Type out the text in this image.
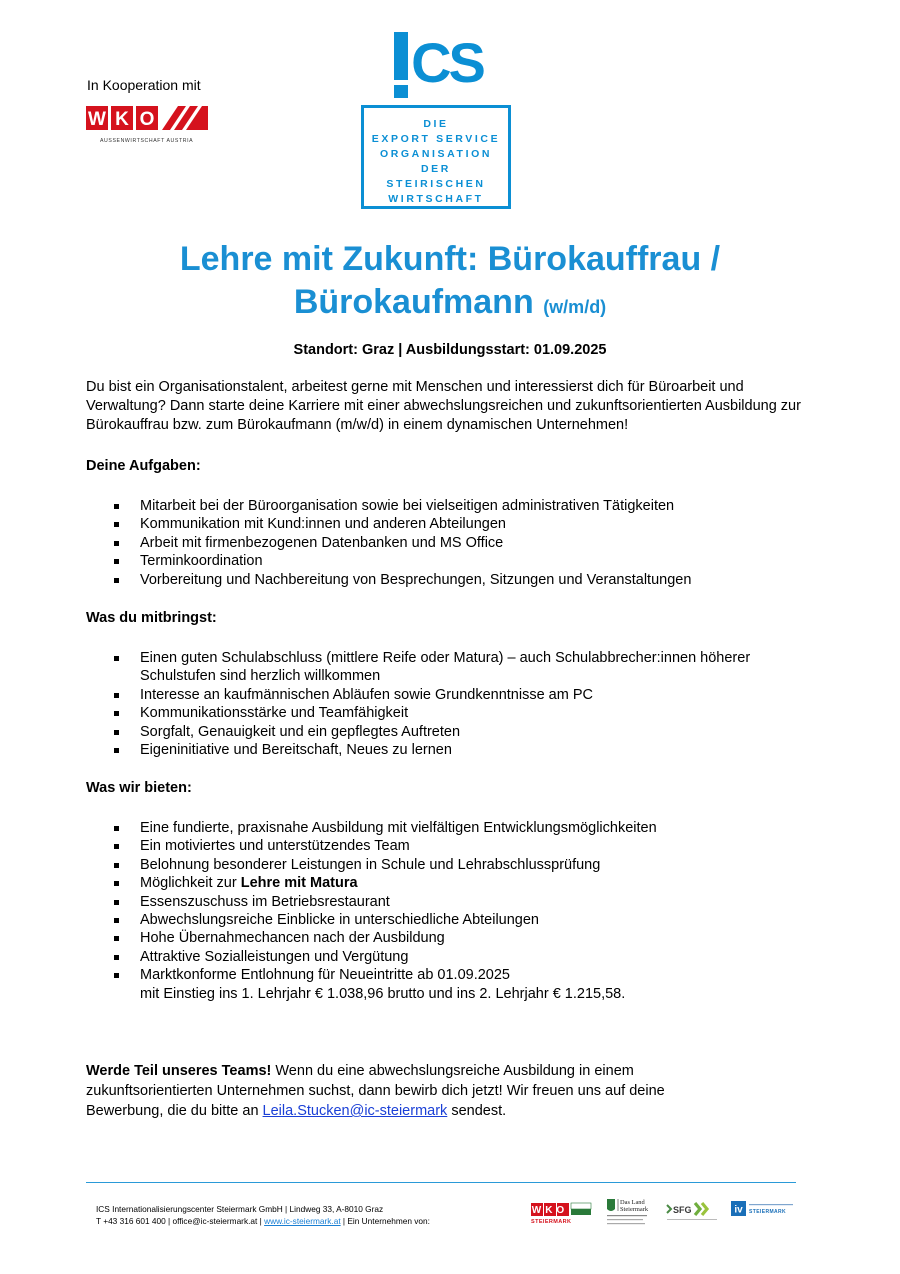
In Kooperation mit
W K O
AUSSENWIRTSCHAFT AUSTRIA
CS
DIE
EXPORT SERVICE
ORGANISATION
DER
STEIRISCHEN
WIRTSCHAFT
Lehre mit Zukunft: Bürokauffrau /
Bürokaufmann (w/m/d)
Standort: Graz | Ausbildungsstart: 01.09.2025
Du bist ein Organisationstalent, arbeitest gerne mit Menschen und interessierst dich für Büroarbeit und Verwaltung? Dann starte deine Karriere mit einer abwechslungsreichen und zukunftsorientierten Ausbildung zur Bürokauffrau bzw. zum Bürokaufmann (m/w/d) in einem dynamischen Unternehmen!
Deine Aufgaben:
Mitarbeit bei der Büroorganisation sowie bei vielseitigen administrativen Tätigkeiten
Kommunikation mit Kund:innen und anderen Abteilungen
Arbeit mit firmenbezogenen Datenbanken und MS Office
Terminkoordination
Vorbereitung und Nachbereitung von Besprechungen, Sitzungen und Veranstaltungen
Was du mitbringst:
Einen guten Schulabschluss (mittlere Reife oder Matura) – auch Schulabbrecher:innen höherer Schulstufen sind herzlich willkommen
Interesse an kaufmännischen Abläufen sowie Grundkenntnisse am PC
Kommunikationsstärke und Teamfähigkeit
Sorgfalt, Genauigkeit und ein gepflegtes Auftreten
Eigeninitiative und Bereitschaft, Neues zu lernen
Was wir bieten:
Eine fundierte, praxisnahe Ausbildung mit vielfältigen Entwicklungsmöglichkeiten
Ein motiviertes und unterstützendes Team
Belohnung besonderer Leistungen in Schule und Lehrabschlussprüfung
Möglichkeit zur Lehre mit Matura
Essenszuschuss im Betriebsrestaurant
Abwechslungsreiche Einblicke in unterschiedliche Abteilungen
Hohe Übernahmechancen nach der Ausbildung
Attraktive Sozialleistungen und Vergütung
Marktkonforme Entlohnung für Neueintritte ab 01.09.2025
mit Einstieg ins 1. Lehrjahr € 1.038,96 brutto und ins 2. Lehrjahr € 1.215,58.
Werde Teil unseres Teams! Wenn du eine abwechslungsreiche Ausbildung in einem zukunftsorientierten Unternehmen suchst, dann bewirb dich jetzt! Wir freuen uns auf deine Bewerbung, die du bitte an Leila.Stucken@ic-steiermark sendest.
ICS Internationalisierungscenter Steiermark GmbH | Lindweg 33, A-8010 Graz
T +43 316 601 400 | office@ic-steiermark.at | www.ic-steiermark.at | Ein Unternehmen von:
WKO
STEIERMARK
Das Land
Steiermark	SFG	iv STEIERMARK
